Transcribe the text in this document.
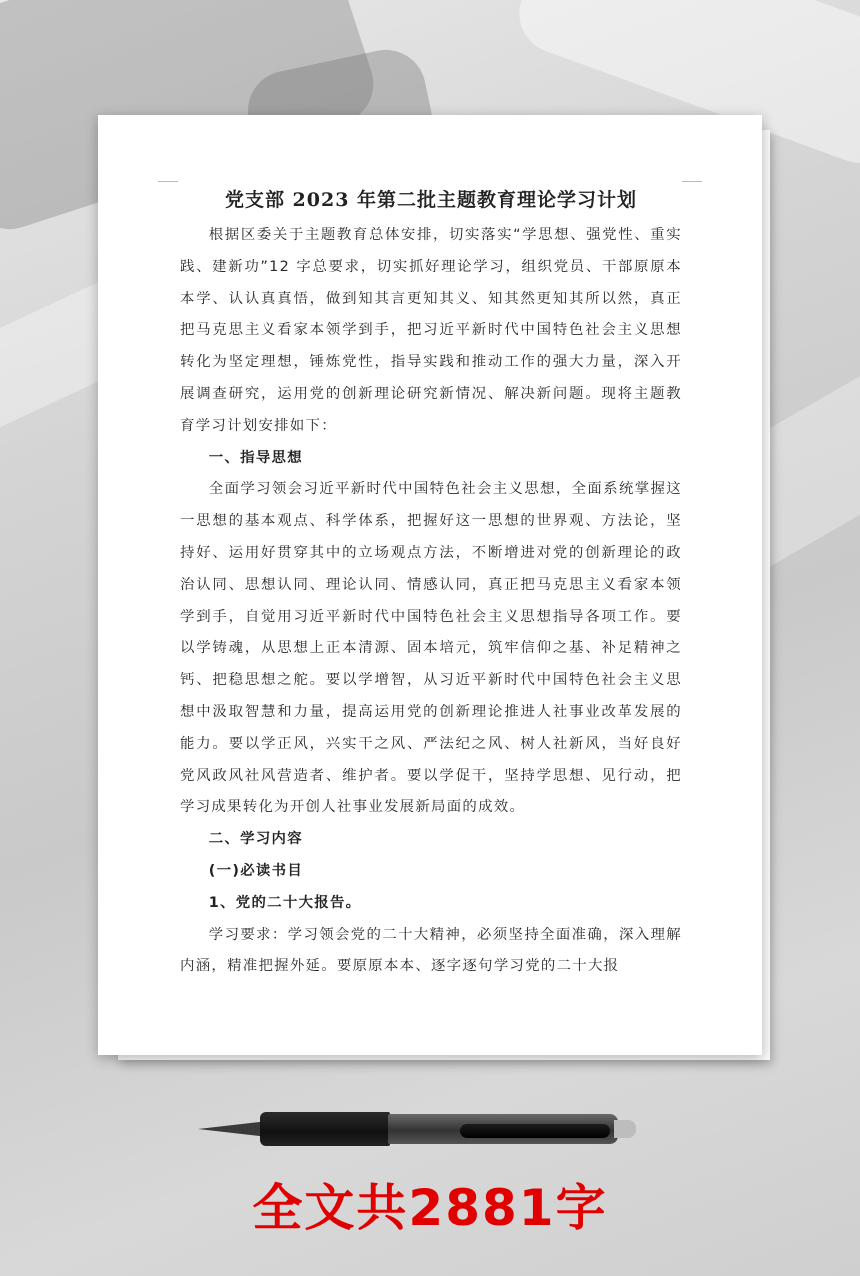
党支部 2023 年第二批主题教育理论学习计划

根据区委关于主题教育总体安排，切实落实“学思想、强党性、重实践、建新功”12 字总要求，切实抓好理论学习，组织党员、干部原原本本学、认认真真悟，做到知其言更知其义、知其然更知其所以然，真正把马克思主义看家本领学到手，把习近平新时代中国特色社会主义思想转化为坚定理想，锤炼党性，指导实践和推动工作的强大力量，深入开展调查研究，运用党的创新理论研究新情况、解决新问题。现将主题教育学习计划安排如下：

一、指导思想

全面学习领会习近平新时代中国特色社会主义思想，全面系统掌握这一思想的基本观点、科学体系，把握好这一思想的世界观、方法论，坚持好、运用好贯穿其中的立场观点方法，不断增进对党的创新理论的政治认同、思想认同、理论认同、情感认同，真正把马克思主义看家本领学到手，自觉用习近平新时代中国特色社会主义思想指导各项工作。要以学铸魂，从思想上正本清源、固本培元，筑牢信仰之基、补足精神之钙、把稳思想之舵。要以学增智，从习近平新时代中国特色社会主义思想中汲取智慧和力量，提高运用党的创新理论推进人社事业改革发展的能力。要以学正风，兴实干之风、严法纪之风、树人社新风，当好良好党风政风社风营造者、维护者。要以学促干，坚持学思想、见行动，把学习成果转化为开创人社事业发展新局面的成效。

二、学习内容

(一)必读书目

1、党的二十大报告。

学习要求：学习领会党的二十大精神，必须坚持全面准确，深入理解内涵，精准把握外延。要原原本本、逐字逐句学习党的二十大报

全文共2881字
